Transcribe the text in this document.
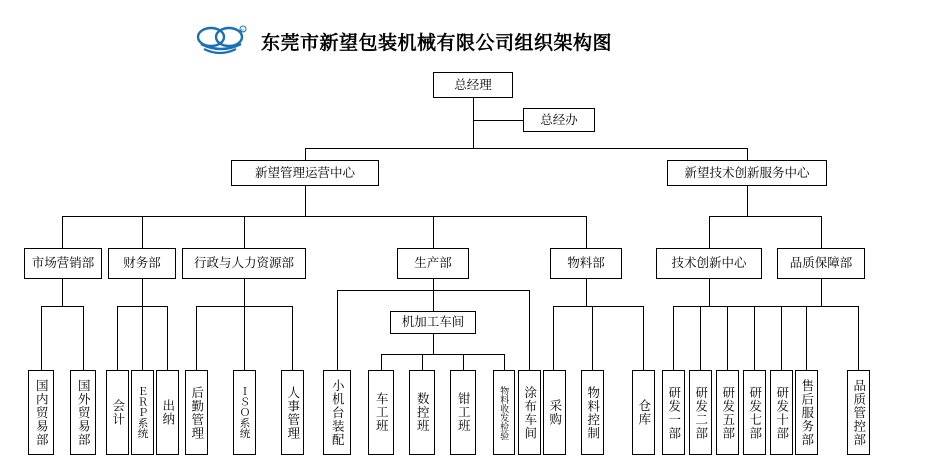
R
东莞市新望包装机械有限公司组织架构图
总经理
总经办
新望管理运营中心	新望技术创新服务中心
市场营销部	财务部	行政与人力资源部	生产部	物料部	技术创新中心	品质保障部
机加工车间
国内贸易部	国外贸易部	会计	ＥＲＰ系统 出纳	后勤管理	ＩＳＯ系统	人事管理	小机台装配	车工班	数控班	钳工班	物料收发检验	涂布车间 采购	物料控制	仓库	研发一部	研发二部	研发五部	研发七部	研发十部 售后服务部	品质管控部
